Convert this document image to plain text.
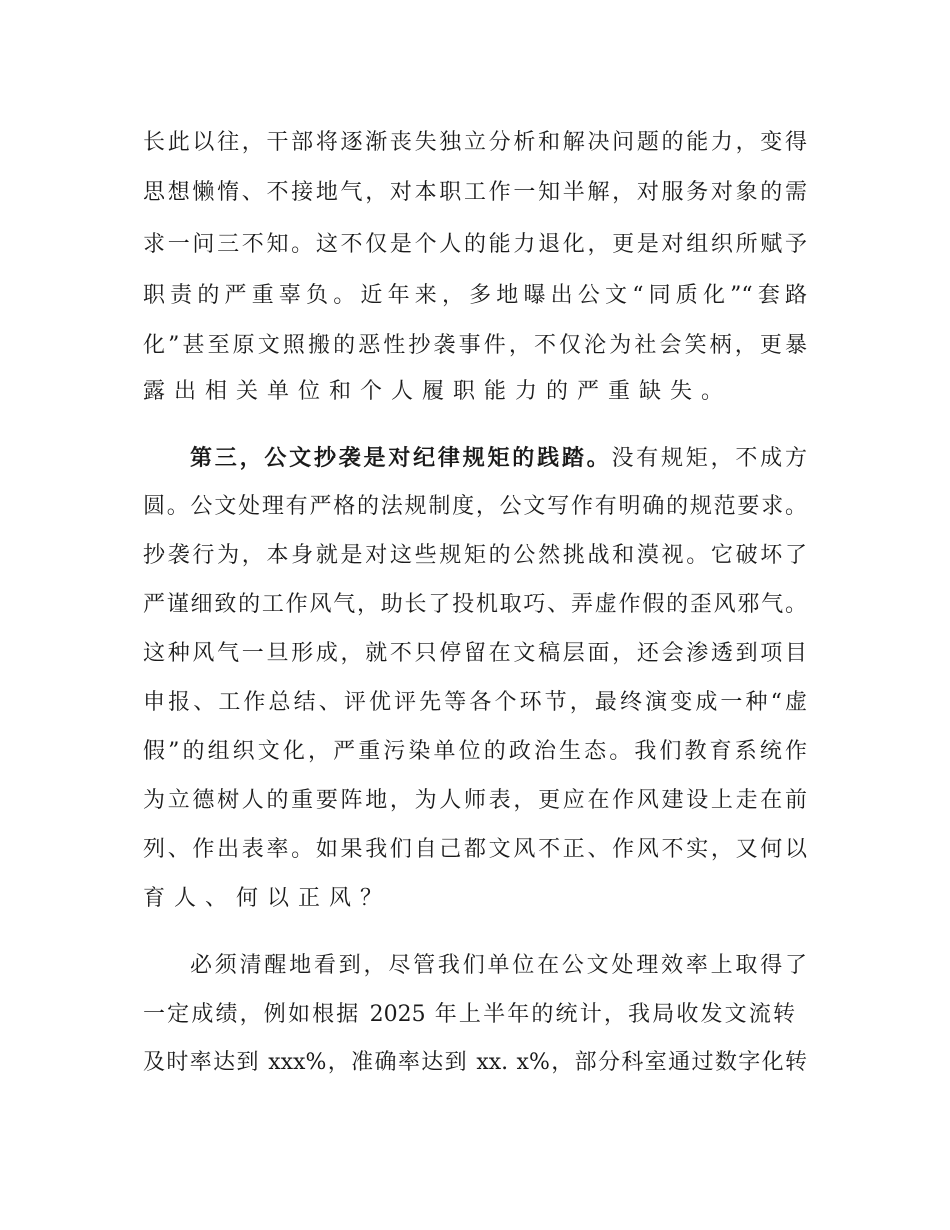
长此以往，干部将逐渐丧失独立分析和解决问题的能力，变得
思想懒惰、不接地气，对本职工作一知半解，对服务对象的需
求一问三不知。这不仅是个人的能力退化，更是对组织所赋予
职责的严重辜负。近年来，多地曝出公文“同质化”“套路
化”甚至原文照搬的恶性抄袭事件，不仅沦为社会笑柄，更暴
露出相关单位和个人履职能力的严重缺失。
第三，公文抄袭是对纪律规矩的践踏。没有规矩，不成方
圆。公文处理有严格的法规制度，公文写作有明确的规范要求。
抄袭行为，本身就是对这些规矩的公然挑战和漠视。它破坏了
严谨细致的工作风气，助长了投机取巧、弄虚作假的歪风邪气。
这种风气一旦形成，就不只停留在文稿层面，还会渗透到项目
申报、工作总结、评优评先等各个环节，最终演变成一种“虚
假”的组织文化，严重污染单位的政治生态。我们教育系统作
为立德树人的重要阵地，为人师表，更应在作风建设上走在前
列、作出表率。如果我们自己都文风不正、作风不实，又何以
育人、何以正风？
必须清醒地看到，尽管我们单位在公文处理效率上取得了
一定成绩，例如根据 2025 年上半年的统计，我局收发文流转
及时率达到 xxx%，准确率达到 xx. x%，部分科室通过数字化转
